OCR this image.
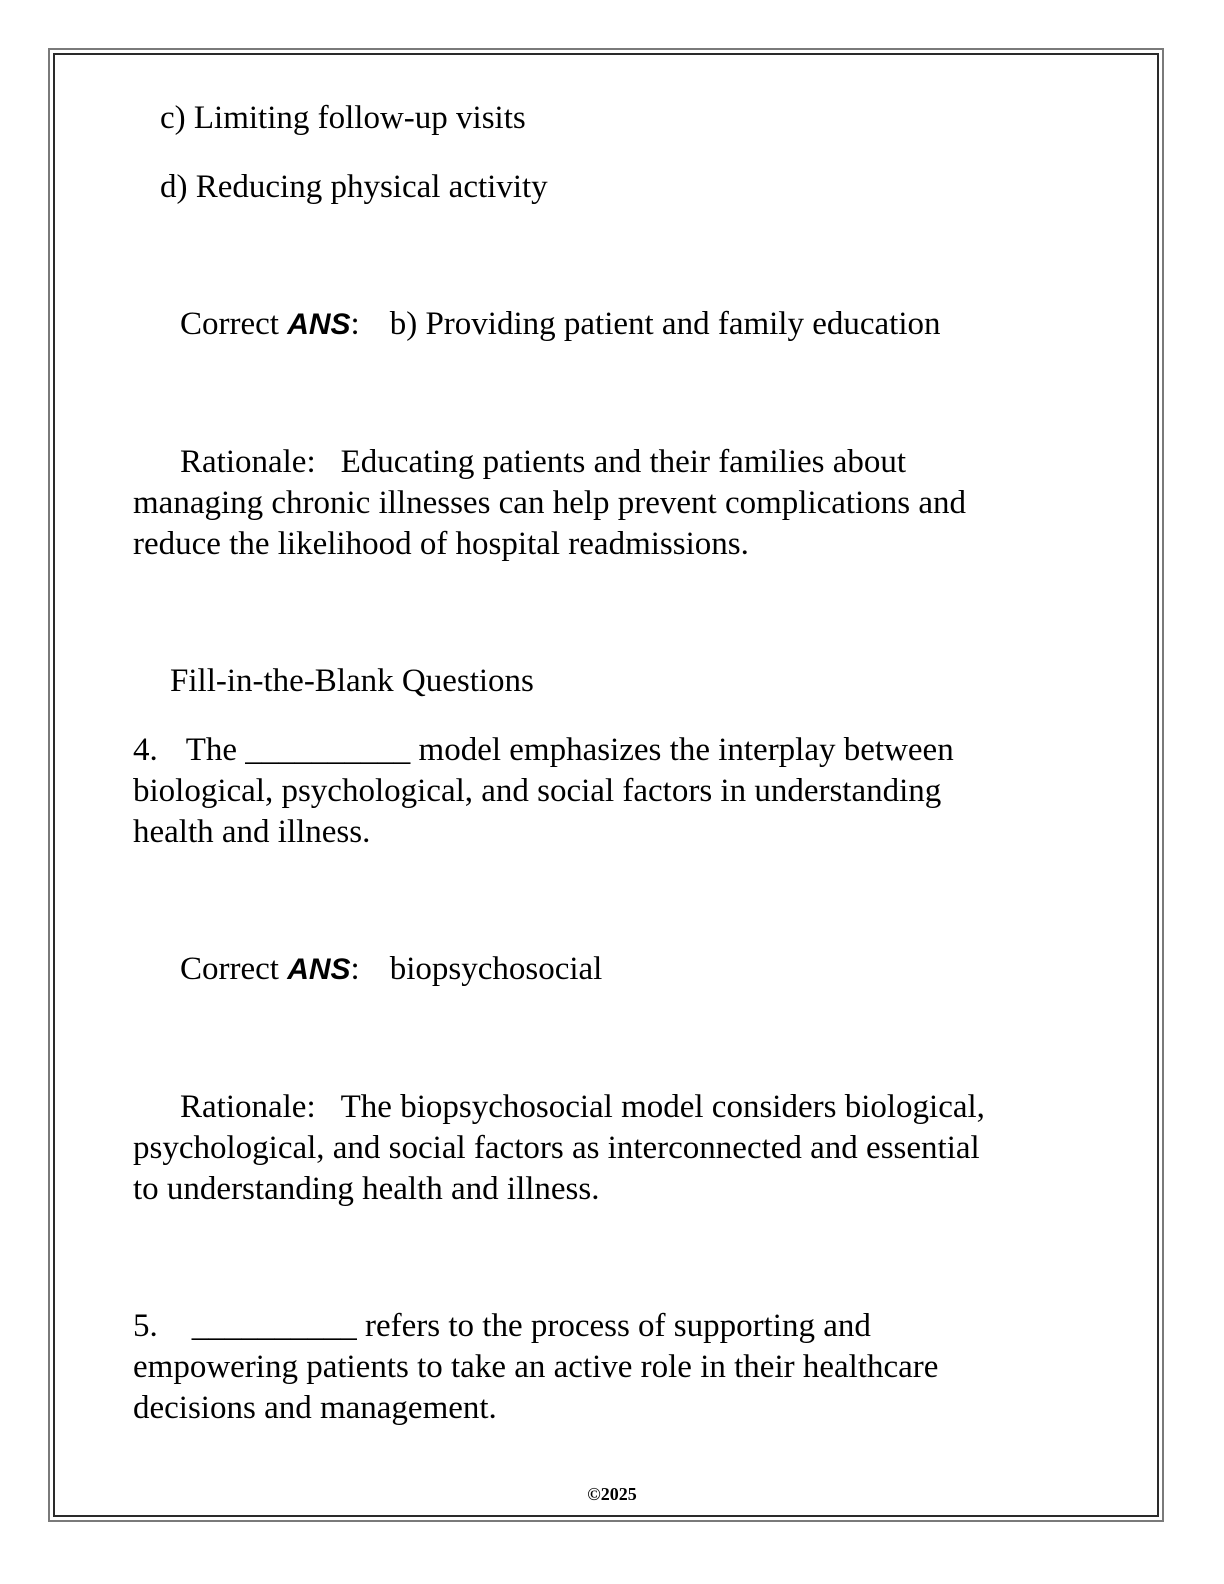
c) Limiting follow-up visits
d) Reducing physical activity
Correct ANS: b) Providing patient and family education
Rationale: Educating patients and their families about
managing chronic illnesses can help prevent complications and
reduce the likelihood of hospital readmissions.
Fill-in-the-Blank Questions
4. The __________ model emphasizes the interplay between
biological, psychological, and social factors in understanding
health and illness.
Correct ANS: biopsychosocial
Rationale: The biopsychosocial model considers biological,
psychological, and social factors as interconnected and essential
to understanding health and illness.
5. __________ refers to the process of supporting and
empowering patients to take an active role in their healthcare
decisions and management.
©2025
